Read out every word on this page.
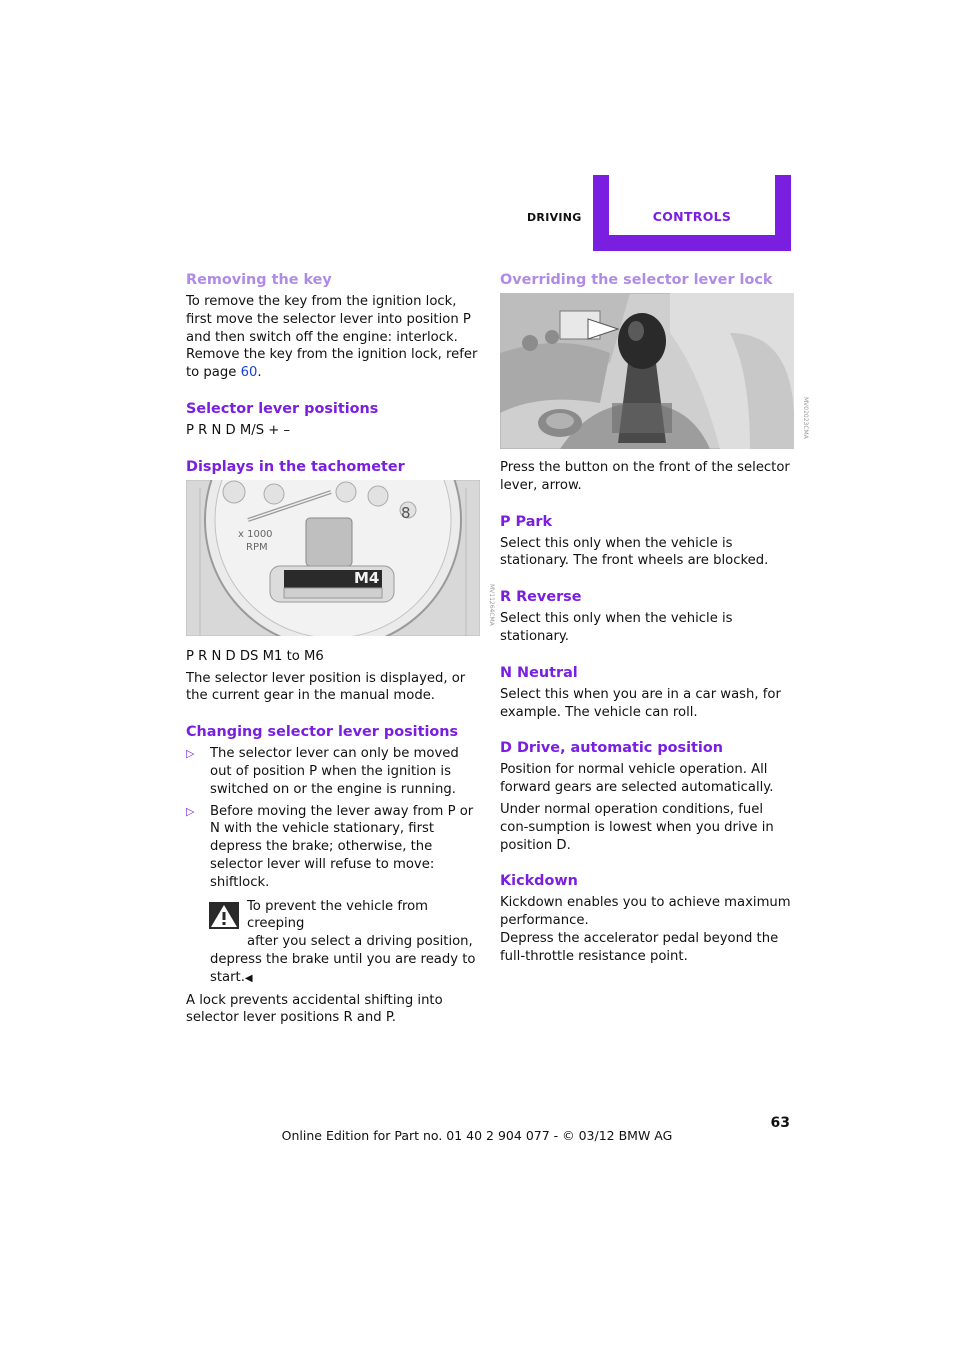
CONTROLS
DRIVING
Removing the key

To remove the key from the ignition lock, first move the selector lever into position P and then switch off the engine: interlock. Remove the key from the ignition lock, refer to page 60.

Selector lever positions

P R N D M/S + –

Displays in the tachometer
x 1000
RPM
8
M4
MV11264CMA

P R N D DS M1 to M6

The selector lever position is displayed, or the current gear in the manual mode.

Changing selector lever positions
▷ The selector lever can only be moved out of position P when the ignition is switched on or the engine is running.
▷ Before moving the lever away from P or N with the vehicle stationary, first depress the brake; otherwise, the selector lever will refuse to move: shiftlock.
To prevent the vehicle from creeping
after you select a driving position,
depress the brake until you are ready to start.◀

A lock prevents accidental shifting into selector lever positions R and P.

Overriding the selector lever lock
MV02023CMA

Press the button on the front of the selector lever, arrow.

P Park

Select this only when the vehicle is stationary. The front wheels are blocked.

R Reverse

Select this only when the vehicle is stationary.

N Neutral

Select this when you are in a car wash, for example. The vehicle can roll.

D Drive, automatic position

Position for normal vehicle operation. All forward gears are selected automatically.

Under normal operation conditions, fuel con-sumption is lowest when you drive in position D.

Kickdown

Kickdown enables you to achieve maximum performance.

Depress the accelerator pedal beyond the full-throttle resistance point.

63
Online Edition for Part no. 01 40 2 904 077 - © 03/12 BMW AG
